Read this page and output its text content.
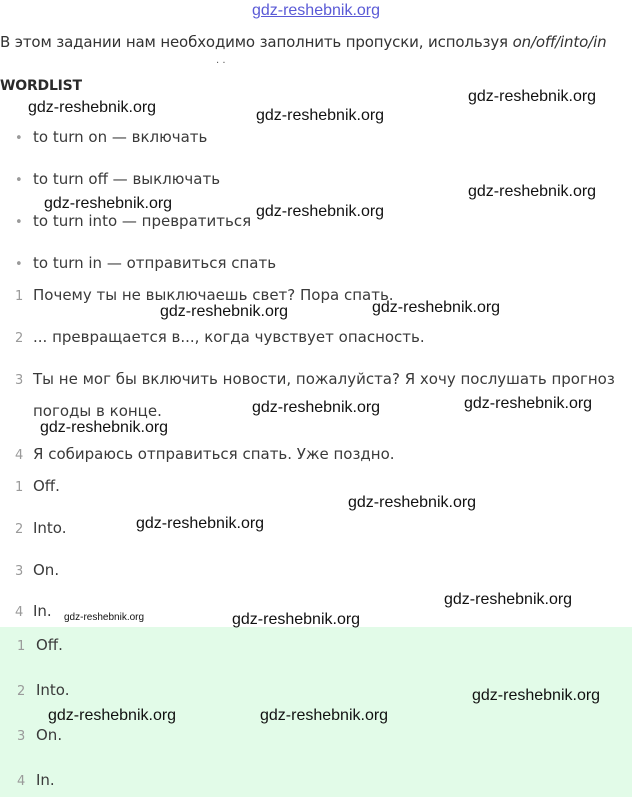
gdz-reshebnik.org
В этом задании нам необходимо заполнить пропуски, используя on/off/into/in
· ·
WORDLIST
• to turn on — включать
• to turn off — выключать
• to turn into — превратиться
• to turn in — отправиться спать
1 Почему ты не выключаешь свет? Пора спать.
2 ... превращается в..., когда чувствует опасность.
3 Ты не мог бы включить новости, пожалуйста? Я хочу послушать прогноз
погоды в конце.
4 Я собираюсь отправиться спать. Уже поздно.
1 Off.
2 Into.
3 On.
4 In.
1 Off.
2 Into.
3 On.
4 In.
gdz-reshebnik.org	gdz-reshebnik.org
gdz-reshebnik.org
gdz-reshebnik.org	gdz-reshebnik.org
gdz-reshebnik.org
gdz-reshebnik.org	gdz-reshebnik.org
gdz-reshebnik.org	gdz-reshebnik.org
gdz-reshebnik.org
gdz-reshebnik.org
gdz-reshebnik.org
gdz-reshebnik.org
gdz-reshebnik.org	gdz-reshebnik.org
gdz-reshebnik.org
gdz-reshebnik.org	gdz-reshebnik.org
